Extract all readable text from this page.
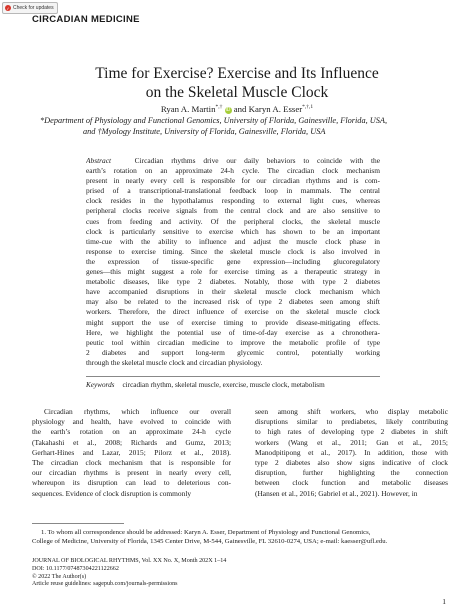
✓ Check for updates
CIRCADIAN MEDICINE
Time for Exercise? Exercise and Its Influence
on the Skeletal Muscle Clock
Ryan A. Martin*,† iD and Karyn A. Esser$^{*,\dagger,1}$
*Department of Physiology and Functional Genomics, University of Florida, Gainesville, Florida, USA,
and †Myology Institute, University of Florida, Gainesville, Florida, USA
Abstract	Circadian rhythms drive our daily behaviors to coincide with the
earth’s rotation on an approximate 24-h cycle. The circadian clock mechanism
present in nearly every cell is responsible for our circadian rhythms and is com-
prised of a transcriptional-translational feedback loop in mammals. The central
clock resides in the hypothalamus responding to external light cues, whereas
peripheral clocks receive signals from the central clock and are also sensitive to
cues from feeding and activity. Of the peripheral clocks, the skeletal muscle
clock is particularly sensitive to exercise which has shown to be an important
time-cue with the ability to influence and adjust the muscle clock phase in
response to exercise timing. Since the skeletal muscle clock is also involved in
the expression of tissue-specific gene expression—including glucoregulatory
genes—this might suggest a role for exercise timing as a therapeutic strategy in
metabolic diseases, like type 2 diabetes. Notably, those with type 2 diabetes
have accompanied disruptions in their skeletal muscle clock mechanism which
may also be related to the increased risk of type 2 diabetes seen among shift
workers. Therefore, the direct influence of exercise on the skeletal muscle clock
might support the use of exercise timing to provide disease-mitigating effects.
Here, we highlight the potential use of time-of-day exercise as a chronothera-
peutic tool within circadian medicine to improve the metabolic profile of type
2 diabetes and support long-term glycemic control, potentially working
through the skeletal muscle clock and circadian physiology.
Keywords circadian rhythm, skeletal muscle, exercise, muscle clock, metabolism
Circadian rhythms, which influence our overall
physiology and health, have evolved to coincide with
the earth’s rotation on an approximate 24-h cycle
(Takahashi et al., 2008; Richards and Gumz, 2013;
Gerhart-Hines and Lazar, 2015; Pilorz et al., 2018).
The circadian clock mechanism that is responsible for
our circadian rhythms is present in nearly every cell,
whereupon its disruption can lead to deleterious con-
sequences. Evidence of clock disruption is commonly
seen among shift workers, who display metabolic
disruptions similar to prediabetes, likely contributing
to high rates of developing type 2 diabetes in shift
workers (Wang et al., 2011; Gan et al., 2015;
Manodpitipong et al., 2017). In addition, those with
type 2 diabetes also show signs indicative of clock
disruption, further highlighting the connection
between clock function and metabolic diseases
(Hansen et al., 2016; Gabriel et al., 2021). However, in
1. To whom all correspondence should be addressed: Karyn A. Esser, Department of Physiology and Functional Genomics,
College of Medicine, University of Florida, 1345 Center Drive, M-544, Gainesville, FL 32610-0274, USA; e-mail: kaesser@ufl.edu.
JOURNAL OF BIOLOGICAL RHYTHMS, Vol. XX No. X, Month 202X 1–14
DOI: 10.1177/07487304221122662
© 2022 The Author(s)
Article reuse guidelines: sagepub.com/journals-permissions
1
